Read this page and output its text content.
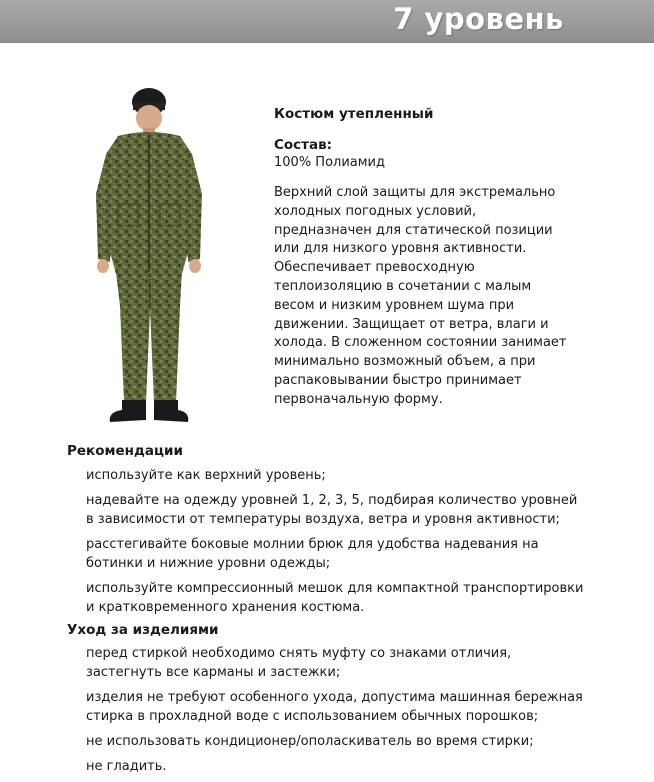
7 уровень
Костюм утепленный
Состав:
100% Полиамид
Верхний слой защиты для экстремально холодных погодных условий, предназначен для статической позиции или для низкого уровня активности. Обеспечивает превосходную теплоизоляцию в сочетании с малым весом и низким уровнем шума при движении. Защищает от ветра, влаги и холода. В сложенном состоянии занимает минимально возможный объем, а при распаковывании быстро принимает первоначальную форму.
Рекомендации
используйте как верхний уровень;
надевайте на одежду уровней 1, 2, 3, 5, подбирая количество уровней в зависимости от температуры воздуха, ветра и уровня активности;
расстегивайте боковые молнии брюк для удобства надевания на ботинки и нижние уровни одежды;
используйте компрессионный мешок для компактной транспортировки и кратковременного хранения костюма.
Уход за изделиями
перед стиркой необходимо снять муфту со знаками отличия, застегнуть все карманы и застежки;
изделия не требуют особенного ухода, допустима машинная бережная стирка в прохладной воде с использованием обычных порошков;
не использовать кондиционер/ополаскиватель во время стирки;
не гладить.
